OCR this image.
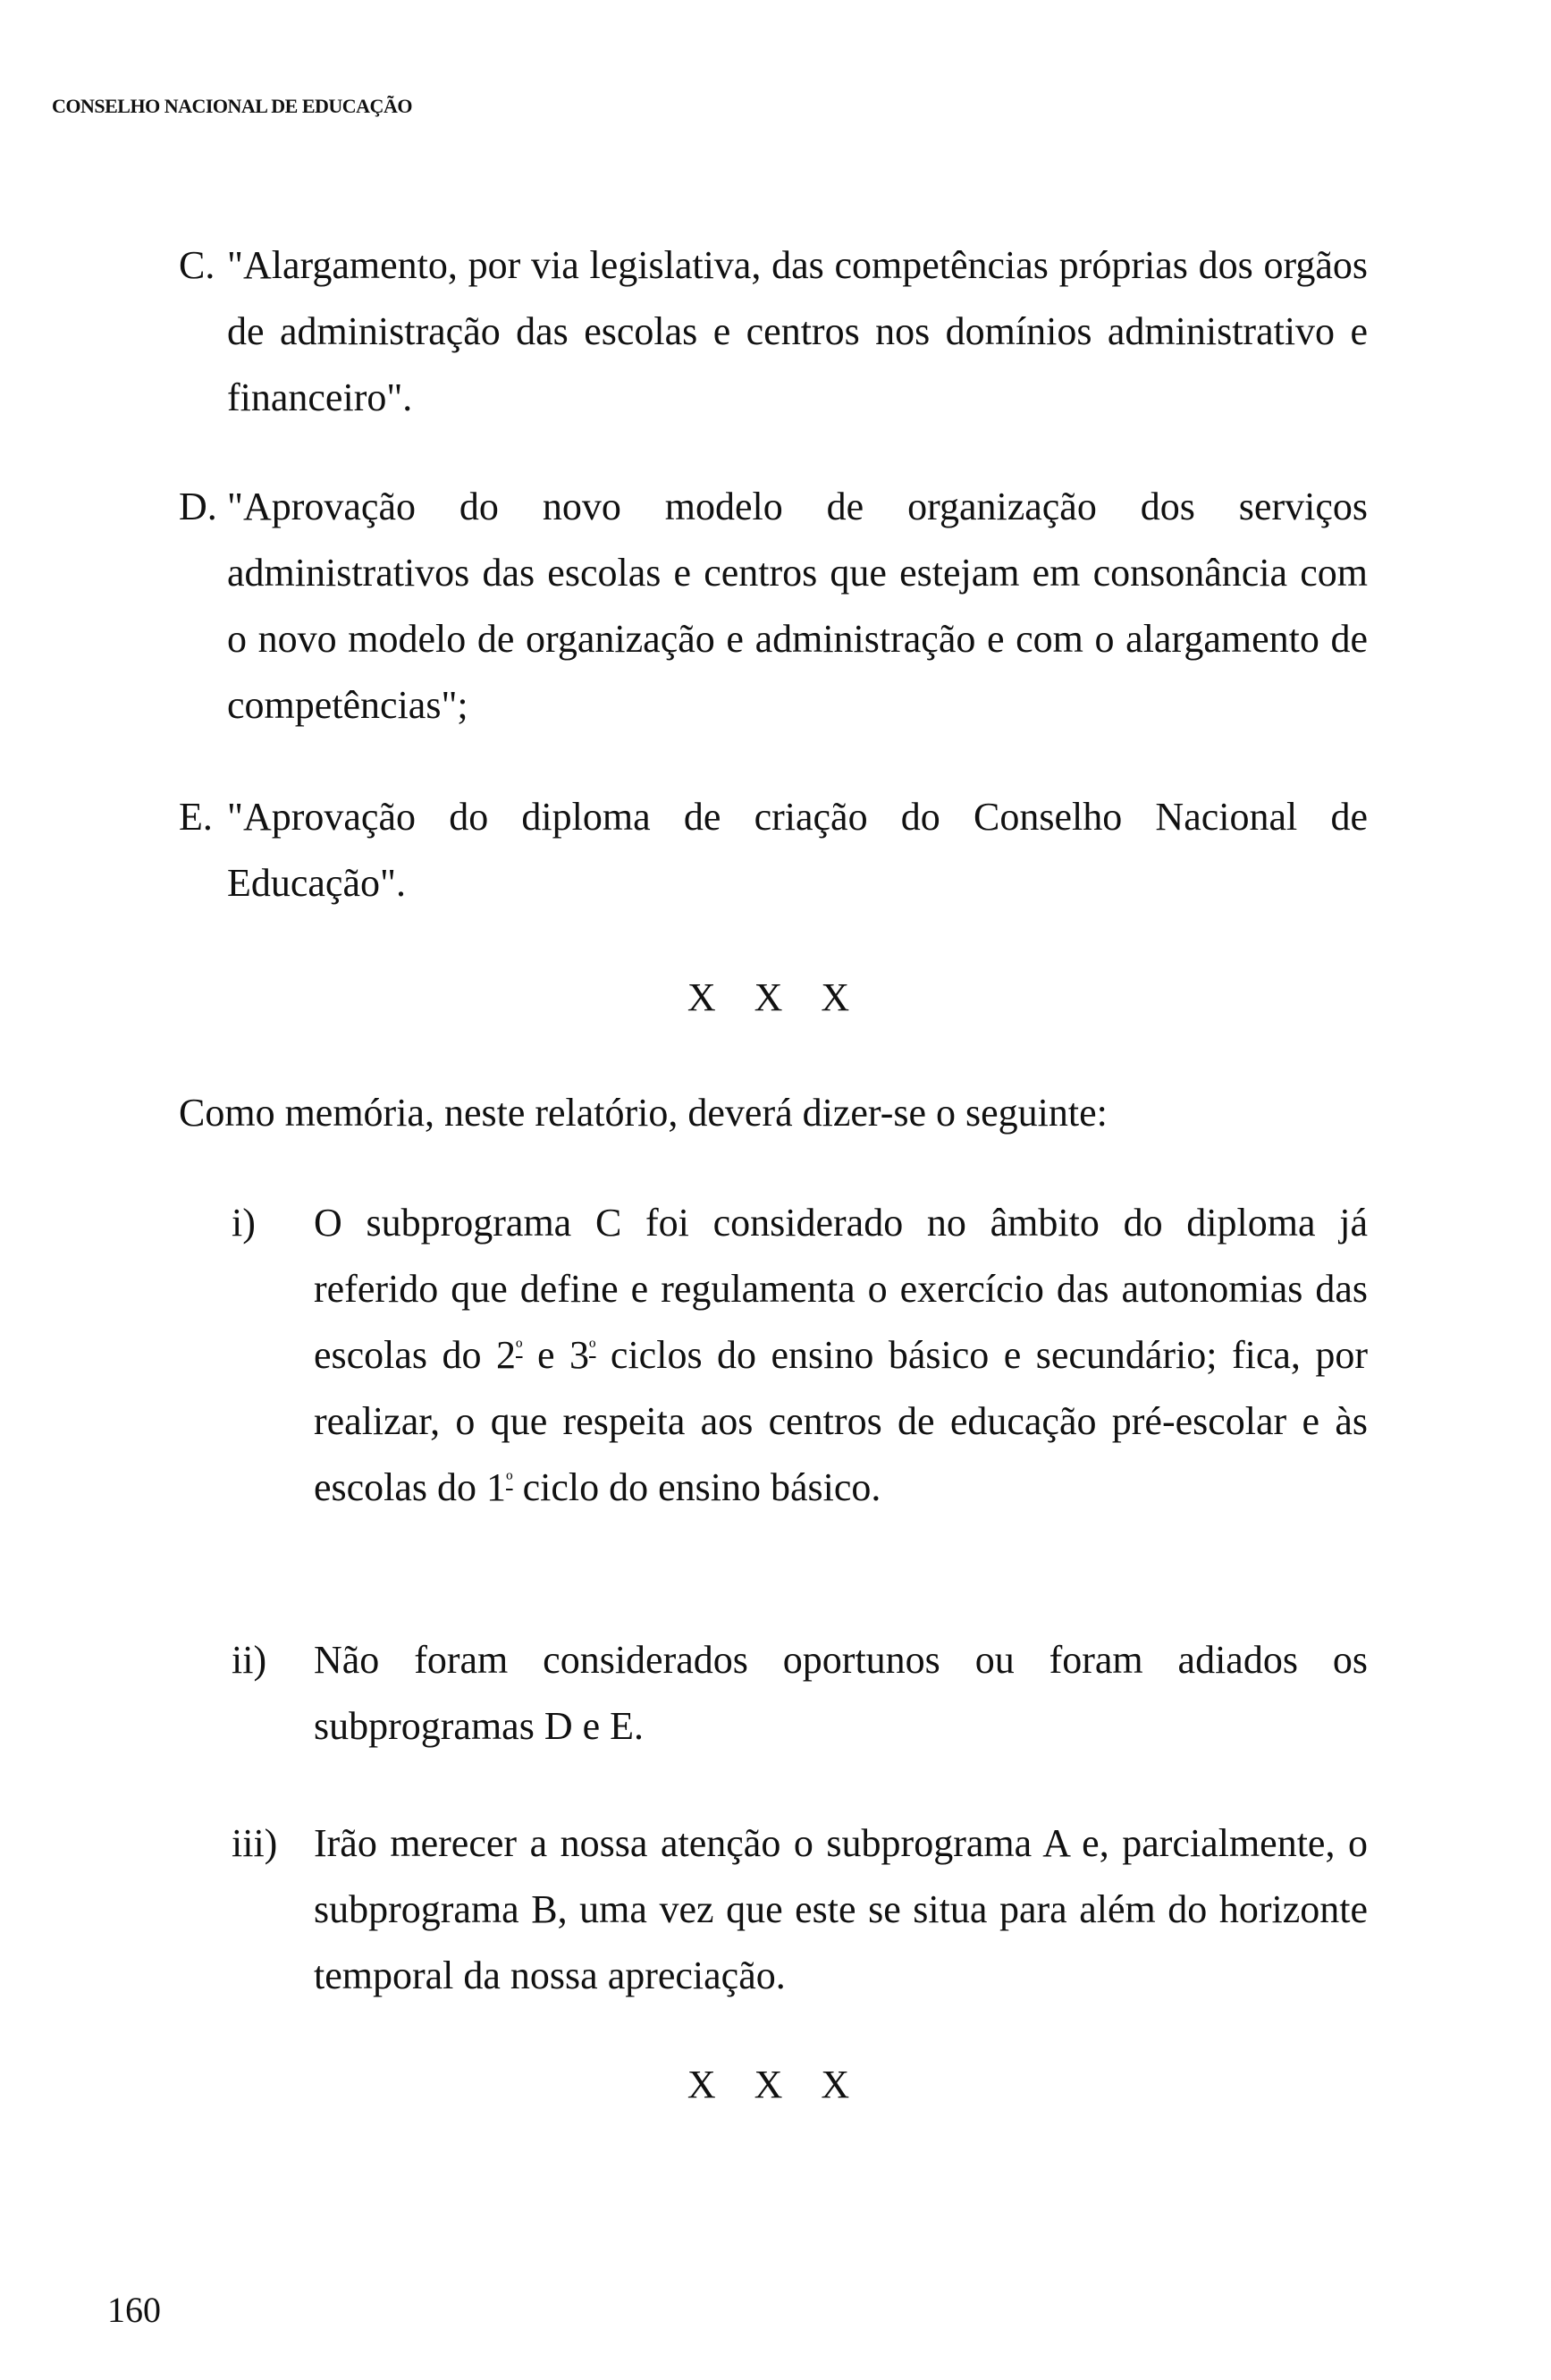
CONSELHO NACIONAL DE EDUCAÇÃO
C. "Alargamento, por via legislativa, das competências próprias dos orgãos de administração das escolas e centros nos domínios administrativo e financeiro".
D. "Aprovação do novo modelo de organização dos serviços administrativos das escolas e centros que estejam em consonância com o novo modelo de organização e administração e com o alargamento de competências";
E. "Aprovação do diploma de criação do Conselho Nacional de Educação".
X X X
Como memória, neste relatório, deverá dizer-se o seguinte:
i) O subprograma C foi considerado no âmbito do diploma já referido que define e regulamenta o exercício das autonomias das escolas do $2^º$ e $3^º$ ciclos do ensino básico e secundário; fica, por realizar, o que respeita aos centros de educação pré-escolar e às escolas do $1^º$ ciclo do ensino básico.
ii) Não foram considerados oportunos ou foram adiados os subprogramas D e E.
iii) Irão merecer a nossa atenção o subprograma A e, parcialmente, o subprograma B, uma vez que este se situa para além do horizonte temporal da nossa apreciação.
X X X
160
